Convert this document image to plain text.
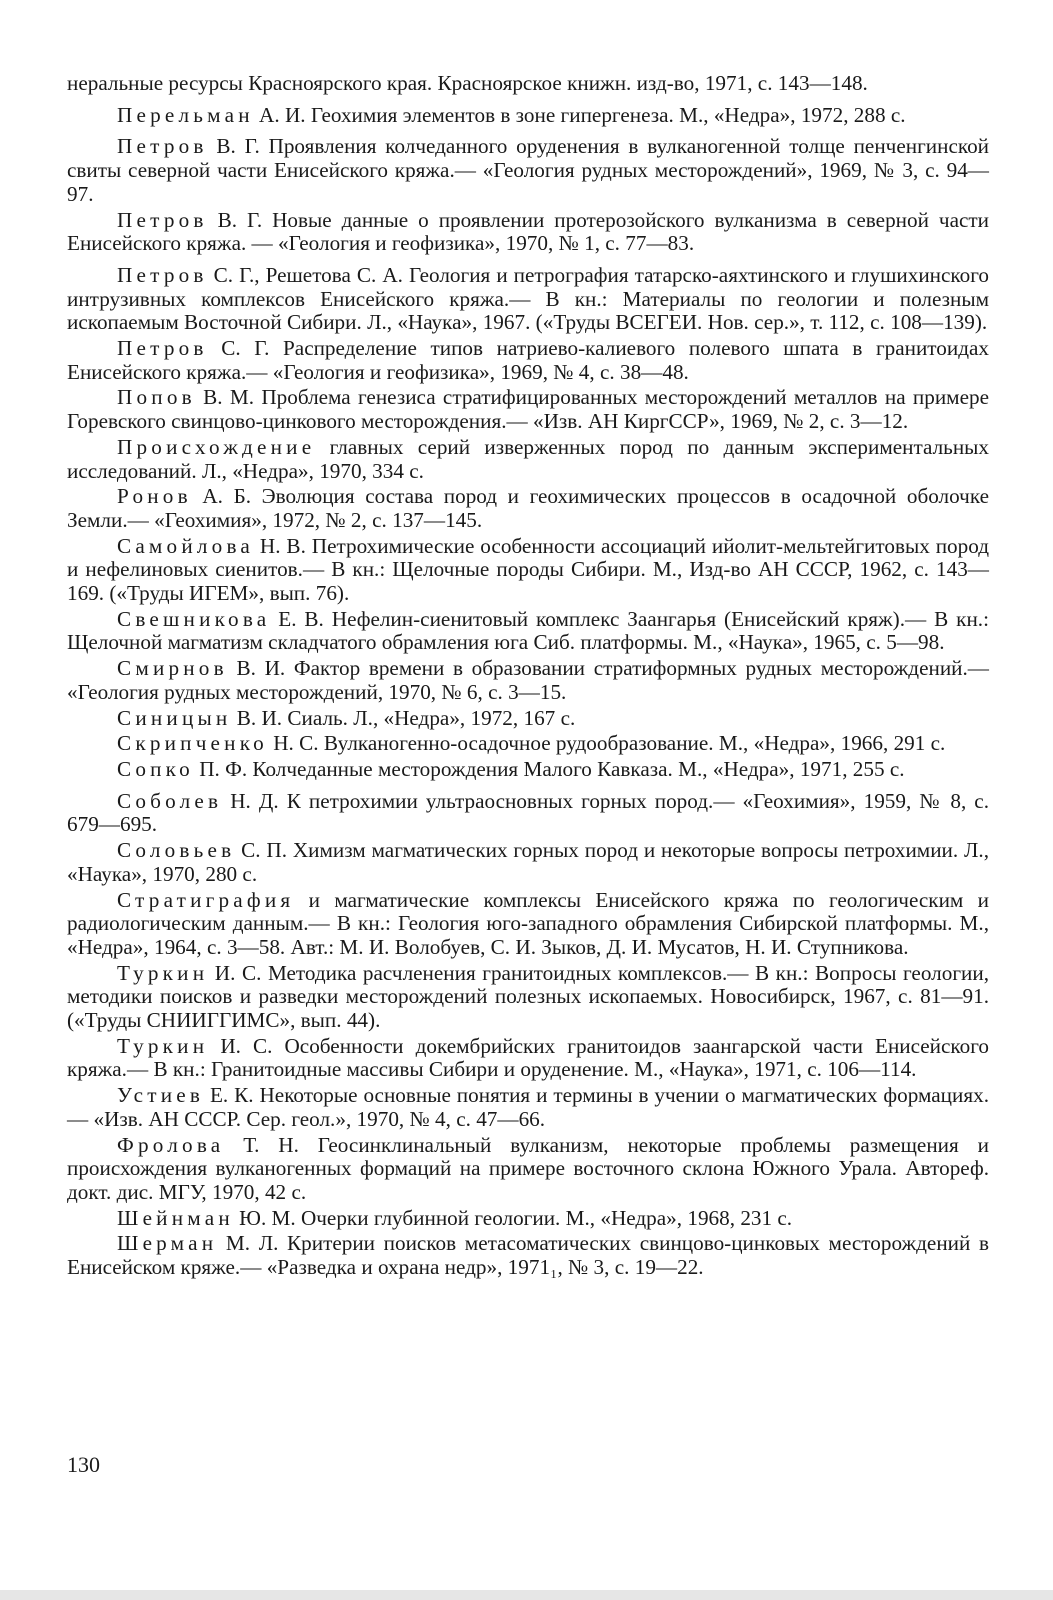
неральные ресурсы Красноярского края. Красноярское книжн. изд-во, 1971, с. 143—148.

Перельман А. И. Геохимия элементов в зоне гипергенеза. М., «Недра», 1972, 288 с.

Петров В. Г. Проявления колчеданного оруденения в вулканогенной толще пенченгинской свиты северной части Енисейского кряжа.— «Геология рудных месторождений», 1969, № 3, с. 94—97.

Петров В. Г. Новые данные о проявлении протерозойского вулканизма в северной части Енисейского кряжа. — «Геология и геофизика», 1970, № 1, с. 77—83.

Петров С. Г., Решетова С. А. Геология и петрография татарско-аяхтинского и глушихинского интрузивных комплексов Енисейского кряжа.— В кн.: Материалы по геологии и полезным ископаемым Восточной Сибири. Л., «Наука», 1967. («Труды ВСЕГЕИ. Нов. сер.», т. 112, с. 108—139).

Петров С. Г. Распределение типов натриево-калиевого полевого шпата в гранитоидах Енисейского кряжа.— «Геология и геофизика», 1969, № 4, с. 38—48.

Попов В. М. Проблема генезиса стратифицированных месторождений металлов на примере Горевского свинцово-цинкового месторождения.— «Изв. АН КиргССР», 1969, № 2, с. 3—12.

Происхождение главных серий изверженных пород по данным экспериментальных исследований. Л., «Недра», 1970, 334 с.

Ронов А. Б. Эволюция состава пород и геохимических процессов в осадочной оболочке Земли.— «Геохимия», 1972, № 2, с. 137—145.

Самойлова Н. В. Петрохимические особенности ассоциаций ийолит-мельтейгитовых пород и нефелиновых сиенитов.— В кн.: Щелочные породы Сибири. М., Изд-во АН СССР, 1962, с. 143—169. («Труды ИГЕМ», вып. 76).

Свешникова Е. В. Нефелин-сиенитовый комплекс Заангарья (Енисейский кряж).— В кн.: Щелочной магматизм складчатого обрамления юга Сиб. платформы. М., «Наука», 1965, с. 5—98.

Смирнов В. И. Фактор времени в образовании стратиформных рудных месторождений.— «Геология рудных месторождений, 1970, № 6, с. 3—15.

Синицын В. И. Сиаль. Л., «Недра», 1972, 167 с.

Скрипченко Н. С. Вулканогенно-осадочное рудообразование. М., «Недра», 1966, 291 с.

Сопко П. Ф. Колчеданные месторождения Малого Кавказа. М., «Недра», 1971, 255 с.

Соболев Н. Д. К петрохимии ультраосновных горных пород.— «Геохимия», 1959, № 8, с. 679—695.

Соловьев С. П. Химизм магматических горных пород и некоторые вопросы петрохимии. Л., «Наука», 1970, 280 с.

Стратиграфия и магматические комплексы Енисейского кряжа по геологическим и радиологическим данным.— В кн.: Геология юго-западного обрамления Сибирской платформы. М., «Недра», 1964, с. 3—58. Авт.: М. И. Волобуев, С. И. Зыков, Д. И. Мусатов, Н. И. Ступникова.

Туркин И. С. Методика расчленения гранитоидных комплексов.— В кн.: Вопросы геологии, методики поисков и разведки месторождений полезных ископаемых. Новосибирск, 1967, с. 81—91. («Труды СНИИГГИМС», вып. 44).

Туркин И. С. Особенности докембрийских гранитоидов заангарской части Енисейского кряжа.— В кн.: Гранитоидные массивы Сибири и оруденение. М., «Наука», 1971, с. 106—114.

Устиев Е. К. Некоторые основные понятия и термины в учении о магматических формациях.— «Изв. АН СССР. Сер. геол.», 1970, № 4, с. 47—66.

Фролова Т. Н. Геосинклинальный вулканизм, некоторые проблемы размещения и происхождения вулканогенных формаций на примере восточного склона Южного Урала. Автореф. докт. дис. МГУ, 1970, 42 с.

Шейнман Ю. М. Очерки глубинной геологии. М., «Недра», 1968, 231 с.

Шерман М. Л. Критерии поисков метасоматических свинцово-цинковых месторождений в Енисейском кряже.— «Разведка и охрана недр», 1971₁, № 3, с. 19—22.

130
